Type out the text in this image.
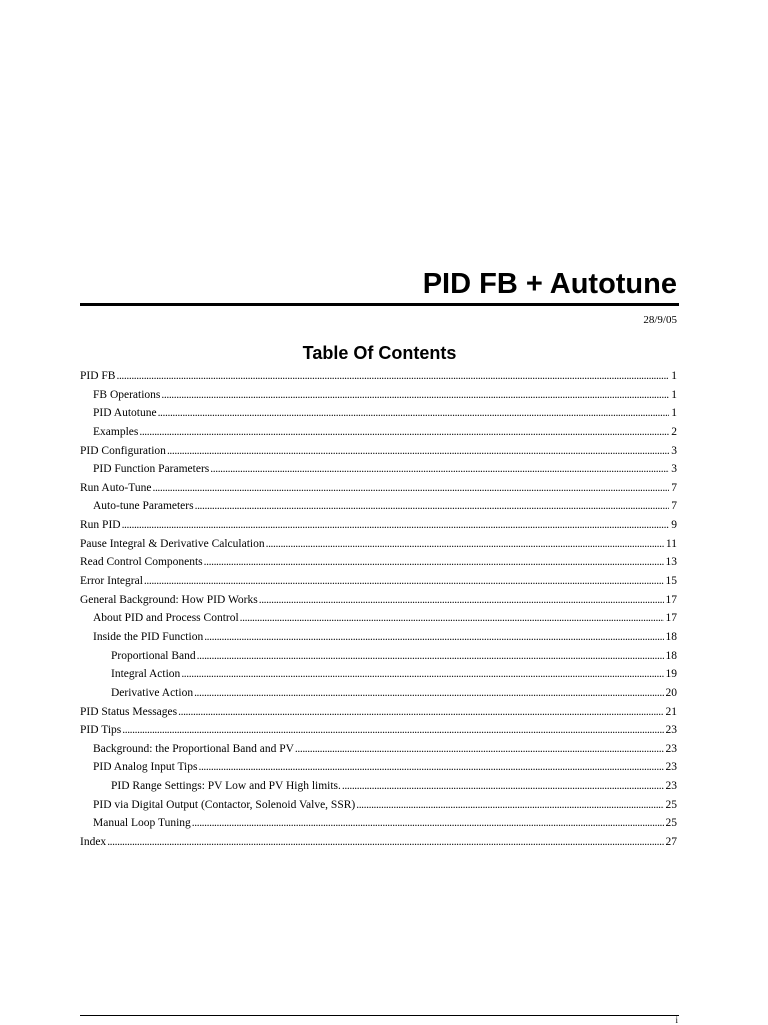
PID FB + Autotune
28/9/05
Table Of Contents
PID FB .....	1
FB Operations .....	1
PID Autotune .....	1
Examples .....	2
PID Configuration .....	3
PID Function Parameters .....	3
Run Auto-Tune .....	7
Auto-tune Parameters .....	7
Run PID .....	9
Pause Integral & Derivative Calculation .....	11
Read Control Components .....	13
Error Integral .....	15
General Background: How PID Works .....	17
About PID and Process Control .....	17
Inside the PID Function .....	18
Proportional Band .....	18
Integral Action .....	19
Derivative Action .....	20
PID Status Messages .....	21
PID Tips .....	23
Background: the Proportional Band and PV .....	23
PID Analog Input Tips .....	23
PID Range Settings: PV Low and PV High limits. .....	23
PID via Digital Output (Contactor, Solenoid Valve, SSR) .....	25
Manual Loop Tuning .....	25
Index .....	27
i
